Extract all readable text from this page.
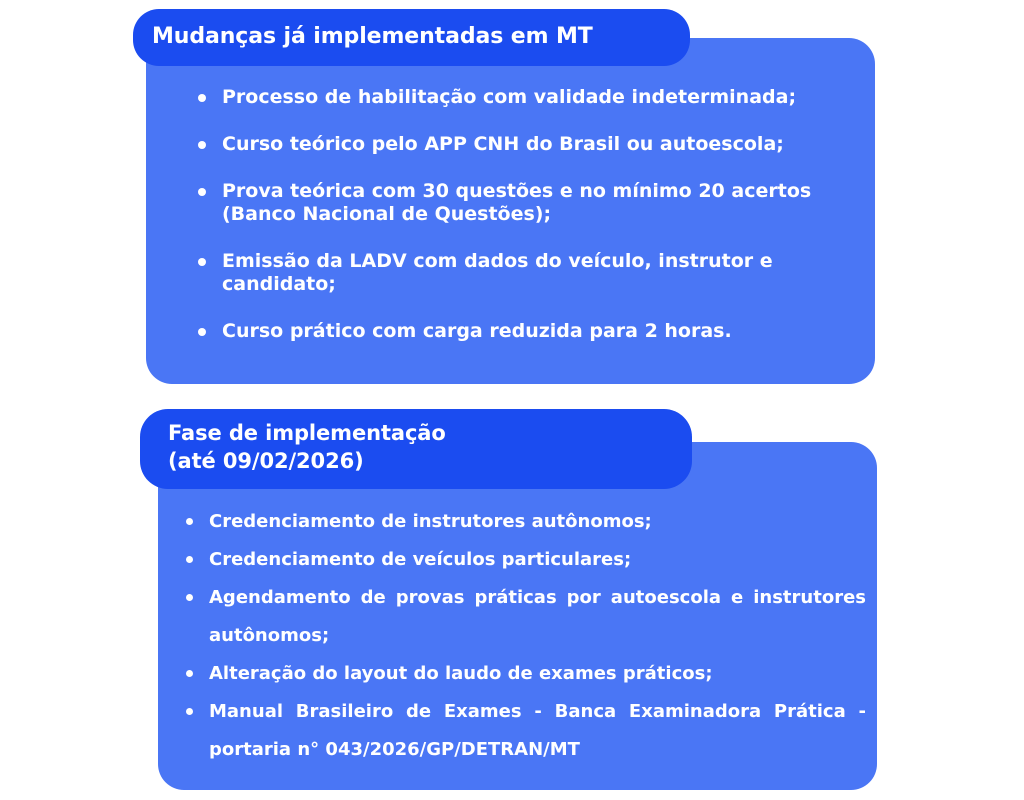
Mudanças já implementadas em MT
Processo de habilitação com validade indeterminada;
Curso teórico pelo APP CNH do Brasil ou autoescola;
Prova teórica com 30 questões e no mínimo 20 acertos (Banco Nacional de Questões);
Emissão da LADV com dados do veículo, instrutor e candidato;
Curso prático com carga reduzida para 2 horas.
Fase de implementação
(até 09/02/2026)
Credenciamento de instrutores autônomos;
Credenciamento de veículos particulares;
Agendamento de provas práticas por autoescola e instrutores autônomos;
Alteração do layout do laudo de exames práticos;
Manual Brasileiro de Exames - Banca Examinadora Prática - portaria n° 043/2026/GP/DETRAN/MT
